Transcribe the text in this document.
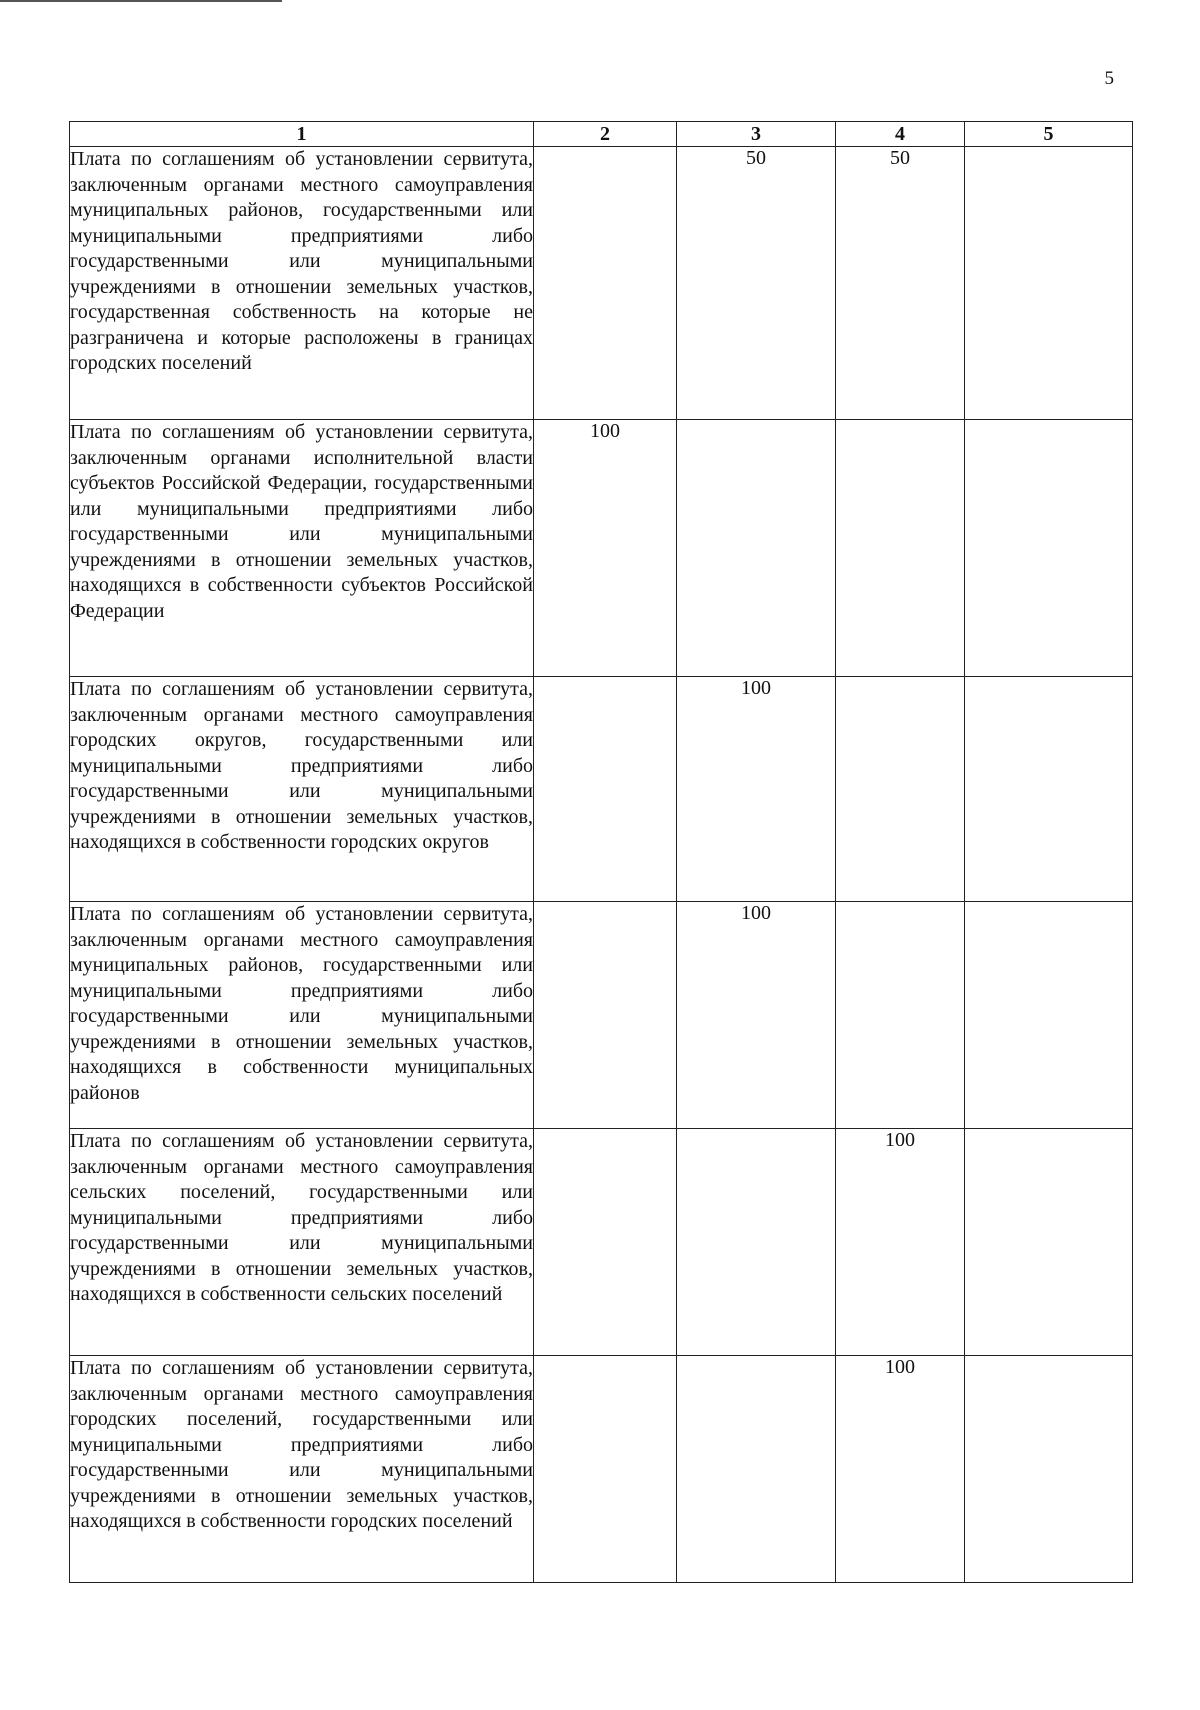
5
1	2	3	4	5
Плата по соглашениям об установлении сервитута, заключенным органами местного самоуправления муниципальных районов, государственными или муниципальными предприятиями либо государственными или муниципальными учреждениями в отношении земельных участков, государственная собственность на которые не разграничена и которые расположены в границах городских поселений		50	50	
Плата по соглашениям об установлении сервитута, заключенным органами исполнительной власти субъектов Российской Федерации, государственными или муниципальными предприятиями либо государственными или муниципальными учреждениями в отношении земельных участков, находящихся в собственности субъектов Российской Федерации	100			
Плата по соглашениям об установлении сервитута, заключенным органами местного самоуправления городских округов, государственными или муниципальными предприятиями либо государственными или муниципальными учреждениями в отношении земельных участков, находящихся в собственности городских округов		100		
Плата по соглашениям об установлении сервитута, заключенным органами местного самоуправления муниципальных районов, государственными или муниципальными предприятиями либо государственными или муниципальными учреждениями в отношении земельных участков, находящихся в собственности муниципальных районов		100		
Плата по соглашениям об установлении сервитута, заключенным органами местного самоуправления сельских поселений, государственными или муниципальными предприятиями либо государственными или муниципальными учреждениями в отношении земельных участков, находящихся в собственности сельских поселений			100	
Плата по соглашениям об установлении сервитута, заключенным органами местного самоуправления городских поселений, государственными или муниципальными предприятиями либо государственными или муниципальными учреждениями в отношении земельных участков, находящихся в собственности городских поселений			100	
